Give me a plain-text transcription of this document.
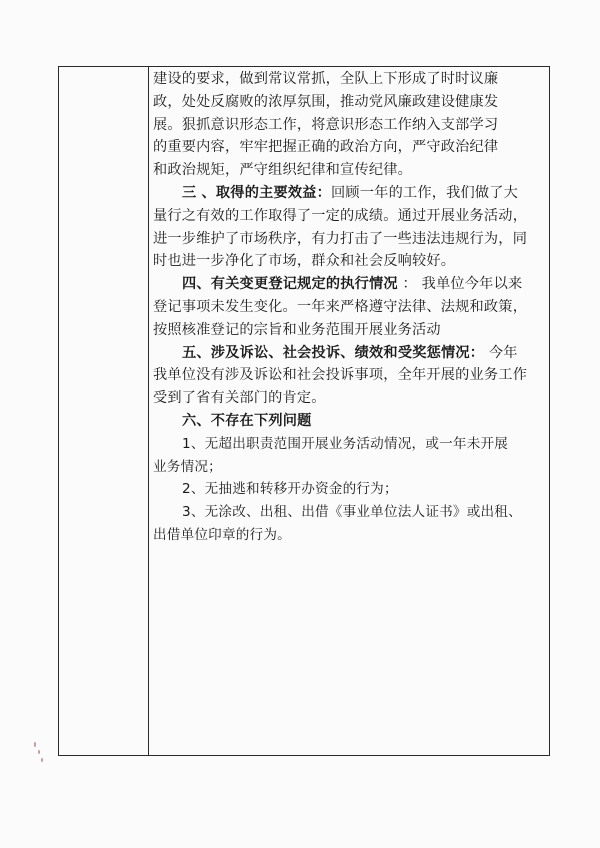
建设的要求，做到常议常抓，全队上下形成了时时议廉
政，处处反腐败的浓厚氛围，推动党风廉政建设健康发
展。狠抓意识形态工作，将意识形态工作纳入支部学习
的重要内容，牢牢把握正确的政治方向，严守政治纪律
和政治规矩，严守组织纪律和宣传纪律。
三 、取得的主要效益：回顾一年的工作，我们做了大
量行之有效的工作取得了一定的成绩。通过开展业务活动，
进一步维护了市场秩序，有力打击了一些违法违规行为，同
时也进一步净化了市场，群众和社会反响较好。
四、有关变更登记规定的执行情况 ： 我单位今年以来
登记事项未发生变化。一年来严格遵守法律、法规和政策，
按照核准登记的宗旨和业务范围开展业务活动
五、涉及诉讼、社会投诉、绩效和受奖惩情况： 今年
我单位没有涉及诉讼和社会投诉事项，全年开展的业务工作
受到了省有关部门的肯定。
六、不存在下列问题
1、无超出职责范围开展业务活动情况，或一年未开展
业务情况；
2、无抽逃和转移开办资金的行为；
3、无涂改、出租、出借《事业单位法人证书》或出租、
出借单位印章的行为。
